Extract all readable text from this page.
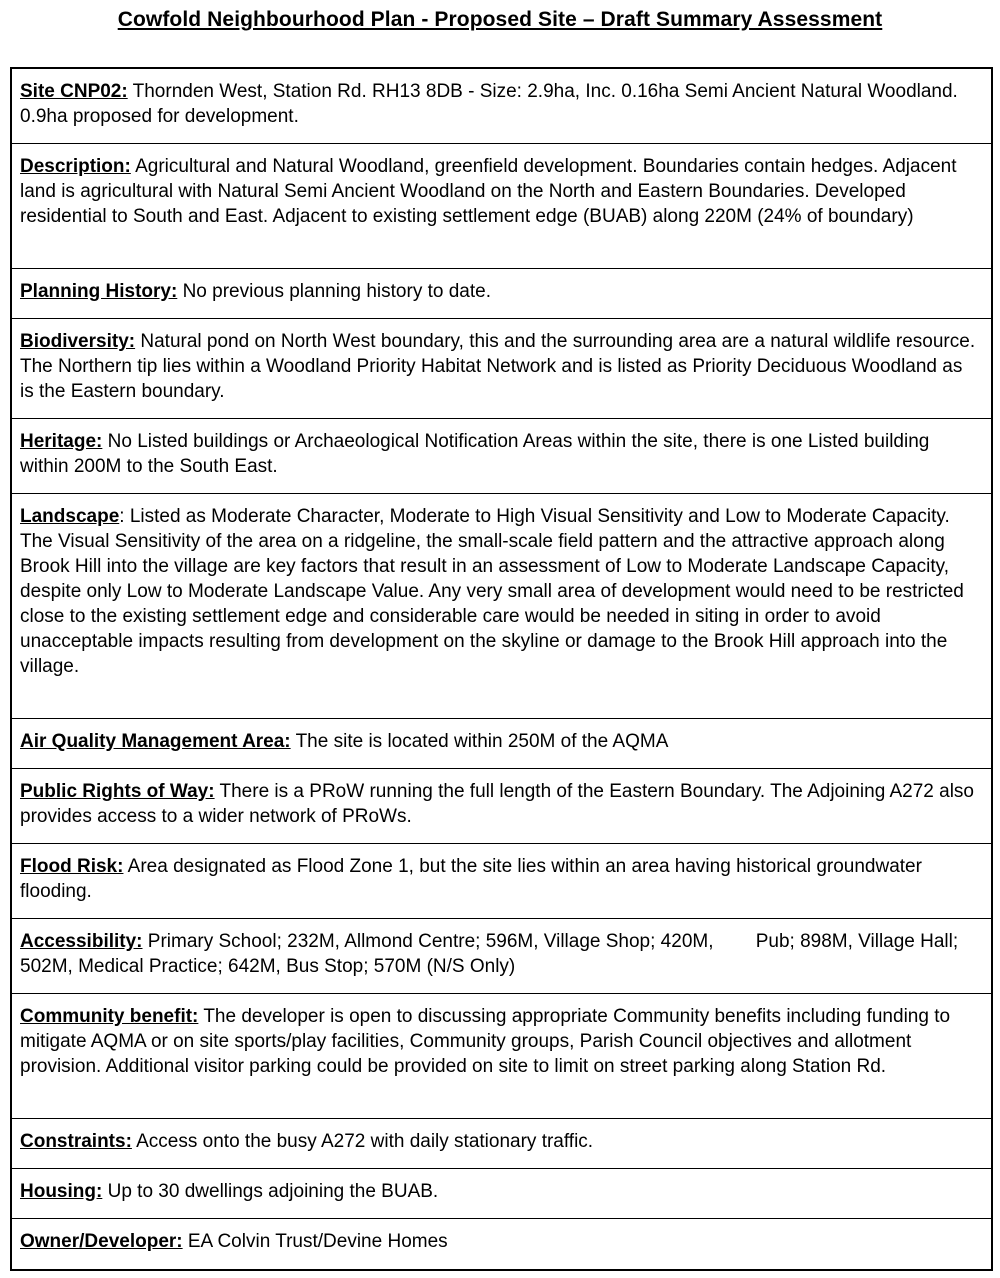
Cowfold Neighbourhood Plan - Proposed Site – Draft Summary Assessment
Site CNP02: Thornden West, Station Rd. RH13 8DB - Size: 2.9ha, Inc. 0.16ha Semi Ancient Natural Woodland. 0.9ha proposed for development.
Description: Agricultural and Natural Woodland, greenfield development. Boundaries contain hedges. Adjacent land is agricultural with Natural Semi Ancient Woodland on the North and Eastern Boundaries. Developed residential to South and East. Adjacent to existing settlement edge (BUAB) along 220M (24% of boundary)
Planning History: No previous planning history to date.
Biodiversity: Natural pond on North West boundary, this and the surrounding area are a natural wildlife resource. The Northern tip lies within a Woodland Priority Habitat Network and is listed as Priority Deciduous Woodland as is the Eastern boundary.
Heritage: No Listed buildings or Archaeological Notification Areas within the site, there is one Listed building within 200M to the South East.
Landscape: Listed as Moderate Character, Moderate to High Visual Sensitivity and Low to Moderate Capacity. The Visual Sensitivity of the area on a ridgeline, the small-scale field pattern and the attractive approach along Brook Hill into the village are key factors that result in an assessment of Low to Moderate Landscape Capacity, despite only Low to Moderate Landscape Value. Any very small area of development would need to be restricted close to the existing settlement edge and considerable care would be needed in siting in order to avoid unacceptable impacts resulting from development on the skyline or damage to the Brook Hill approach into the village.
Air Quality Management Area: The site is located within 250M of the AQMA
Public Rights of Way: There is a PRoW running the full length of the Eastern Boundary. The Adjoining A272 also provides access to a wider network of PRoWs.
Flood Risk: Area designated as Flood Zone 1, but the site lies within an area having historical groundwater flooding.
Accessibility: Primary School; 232M, Allmond Centre; 596M, Village Shop; 420M,        Pub; 898M, Village Hall; 502M, Medical Practice; 642M, Bus Stop; 570M (N/S Only)
Community benefit: The developer is open to discussing appropriate Community benefits including funding to mitigate AQMA or on site sports/play facilities, Community groups, Parish Council objectives and allotment provision. Additional visitor parking could be provided on site to limit on street parking along Station Rd.
Constraints: Access onto the busy A272 with daily stationary traffic.
Housing: Up to 30 dwellings adjoining the BUAB.
Owner/Developer: EA Colvin Trust/Devine Homes
